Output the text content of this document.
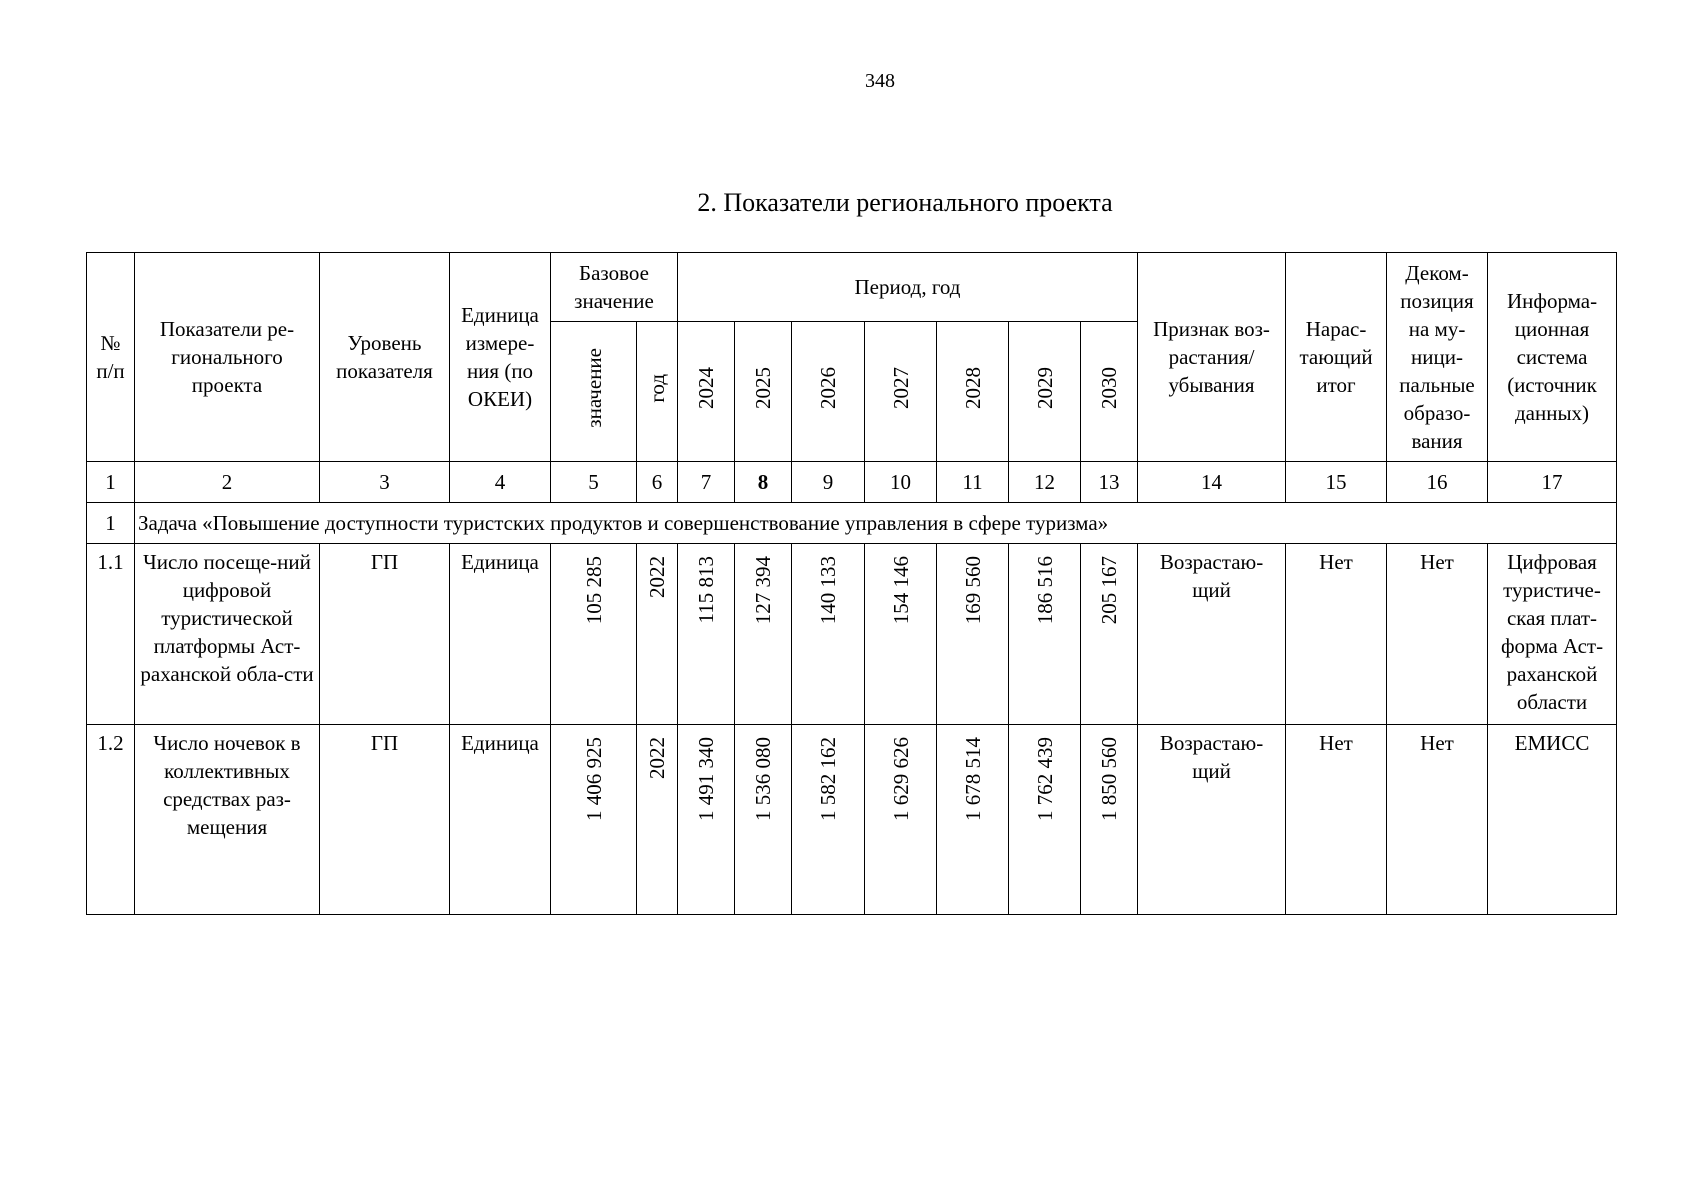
348
2. Показатели регионального проекта
№ п/п	Показатели ре-гионального проекта	Уровень показателя	Единица измере-ния (по ОКЕИ)	Базовое значение		Период, год							Признак воз-растания/ убывания	Нарас-тающий итог	Деком-позиция на му-ници-пальные образо-вания	Информа-ционная система (источник данных)
				значение	год	2024	2025	2026	2027	2028	2029	2030				
1	2	3	4	5	6	7	8	9	10	11	12	13	14	15	16	17
1	Задача «Повышение доступности туристских продуктов и совершенствование управления в сфере туризма»															
1.1	Число посеще-ний цифровой туристической платформы Аст-раханской обла-сти	ГП	Единица	105 285	2022	115 813	127 394	140 133	154 146	169 560	186 516	205 167	Возрастаю-щий	Нет	Нет	Цифровая туристиче-ская плат-форма Аст-раханской области
1.2	Число ночевок в коллективных средствах раз-мещения	ГП	Единица	1 406 925	2022	1 491 340	1 536 080	1 582 162	1 629 626	1 678 514	1 762 439	1 850 560	Возрастаю-щий	Нет	Нет	ЕМИСС
